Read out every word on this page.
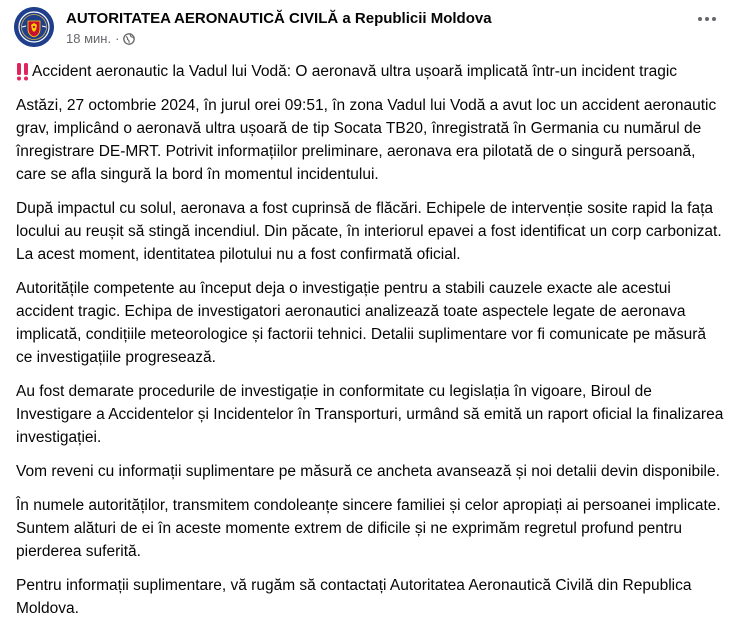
AUTORITATEA AERONAUTICĂ CIVILĂ a Republicii Moldova
18 мин. ·

Accident aeronautic la Vadul lui Vodă: O aeronavă ultra ușoară implicată într-un incident tragic

Astăzi, 27 octombrie 2024, în jurul orei 09:51, în zona Vadul lui Vodă a avut loc un accident aeronautic grav, implicând o aeronavă ultra ușoară de tip Socata TB20, înregistrată în Germania cu numărul de înregistrare DE-MRT. Potrivit informațiilor preliminare, aeronava era pilotată de o singură persoană, care se afla singură la bord în momentul incidentului.

După impactul cu solul, aeronava a fost cuprinsă de flăcări. Echipele de intervenție sosite rapid la fața locului au reușit să stingă incendiul. Din păcate, în interiorul epavei a fost identificat un corp carbonizat. La acest moment, identitatea pilotului nu a fost confirmată oficial.

Autoritățile competente au început deja o investigație pentru a stabili cauzele exacte ale acestui accident tragic. Echipa de investigatori aeronautici analizează toate aspectele legate de aeronava implicată, condițiile meteorologice și factorii tehnici. Detalii suplimentare vor fi comunicate pe măsură ce investigațiile progresează.

Au fost demarate procedurile de investigație in conformitate cu legislația în vigoare, Biroul de Investigare a Accidentelor și Incidentelor în Transporturi, urmând să emită un raport oficial la finalizarea investigației.

Vom reveni cu informații suplimentare pe măsură ce ancheta avansează și noi detalii devin disponibile.

În numele autorităților, transmitem condoleanțe sincere familiei și celor apropiați ai persoanei implicate. Suntem alături de ei în aceste momente extrem de dificile și ne exprimăm regretul profund pentru pierderea suferită.

Pentru informații suplimentare, vă rugăm să contactați Autoritatea Aeronautică Civilă din Republica Moldova.
